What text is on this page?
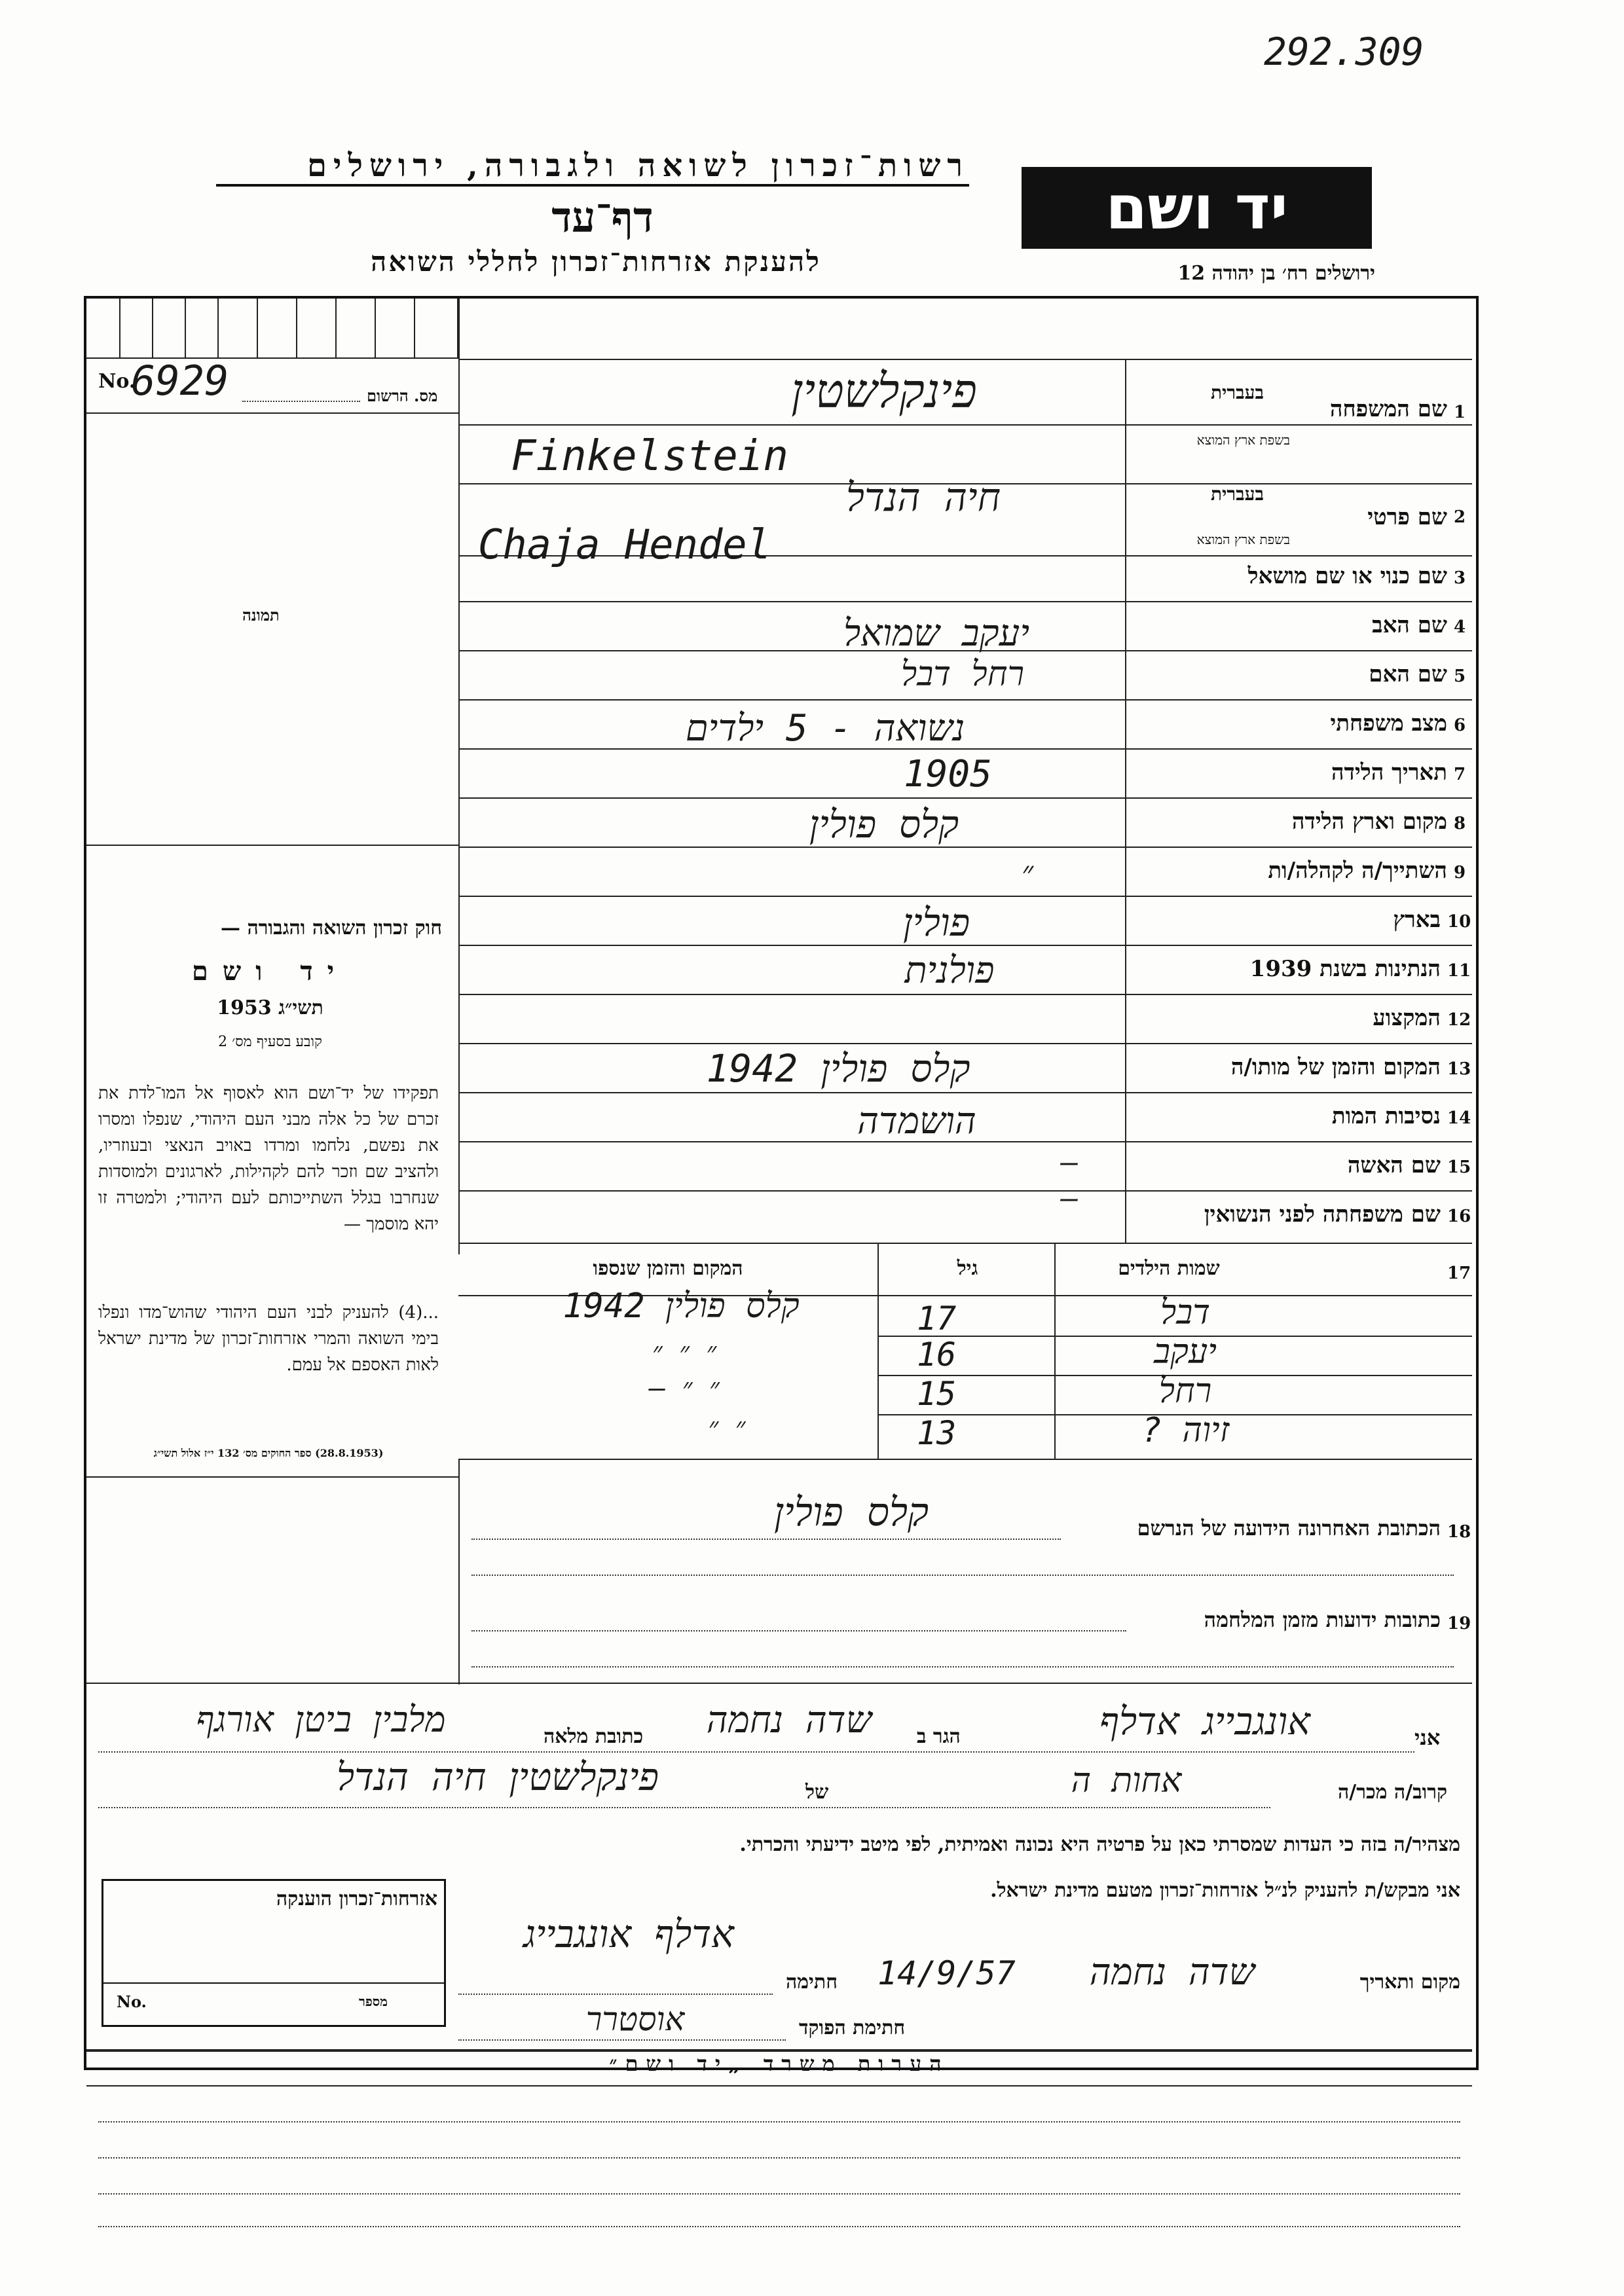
292.309
רשות־זכרון לשואה ולגבורה, ירושלים
דף־עד
להענקת אזרחות־זכרון לחללי השואה
יד ושם
ירושלים רח׳ בן יהודה 12
No.
6929	מס. הרשום
תמונה
חוק זכרון השואה והגבורה —
יד ושם
תשי״ג 1953
קובע בסעיף מס׳ 2
תפקידו של יד־ושם הוא לאסוף אל המו־לדת את זכרם של כל אלה מבני העם היהודי, שנפלו ומסרו את נפשם, נלחמו ומרדו באויב הנאצי ובעוזריו, ולהציב שם וזכר להם לקהילות, לארגונים ולמוסדות שנחרבו בגלל השתייכותם לעם היהודי; ולמטרה זו יהא מוסמך —
...(4) להעניק לבני העם היהודי שהוש־מדו ונפלו בימי השואה והמרי אזרחות־זכרון של מדינת ישראל לאות האספם אל עמם.
(28.8.1953) ספר החוקים מס׳ 132 י״ז אלול תשי״ג
1
שם המשפחה
בעברית
בשפת ארץ המוצא
פינקלשטין
Finkelstein
2
שם פרטי
בעברית
בשפת ארץ המוצא
חיה הנדל
Chaja Hendel
3
שם כנוי או שם מושאל
4
שם האב
יעקב שמואל
5
שם האם
רחל דבל
6
מצב משפחתי
נשואה - 5 ילדים
7
תאריך הלידה
1905
8
מקום וארץ הלידה
קלס פולין
9
השתייך/ה לקהלה/ות
״
10
בארץ
פולין
11
הנתינות בשנת 1939
פולנית
12
המקצוע
13
המקום והזמן של מותו/ה
קלס פולין 1942
14
נסיבות המות
הושמדה
15
שם האשה
—
16
שם משפחתה לפני הנשואין
—
17
שמות הילדים
גיל
המקום והזמן שנספו
דבל
17
קלס פולין 1942
יעקב
16
״ ״ ״
רחל
15
״ ״ —
זיוה ?
13
״ ״
18
הכתובת האחרונה הידועה של הנרשם
קלס פולין
19
כתובות ידועות מזמן המלחמה
אני
אונגבייג אדלף
הגר ב
שדה נחמה
כתובת מלאה
מלבין ביטן אורגף
קרוב/ה מכר/ה
אחות ה
של
פינקלשטין חיה הנדל
מצהיר/ה בזה כי העדות שמסרתי כאן על פרטיה היא נכונה ואמיתית, לפי מיטב ידיעתי והכרתי.
אני מבקש/ת להעניק לנ״ל אזרחות־זכרון מטעם מדינת ישראל.
אדלף אונגבייג
מקום ותאריך
שדה נחמה
14/9/57
חתימה
אוסטרר	חתימת הפוקד
אזרחות־זכרון הוענקה
No.	מספר
הערות משרד „יד ושם״
